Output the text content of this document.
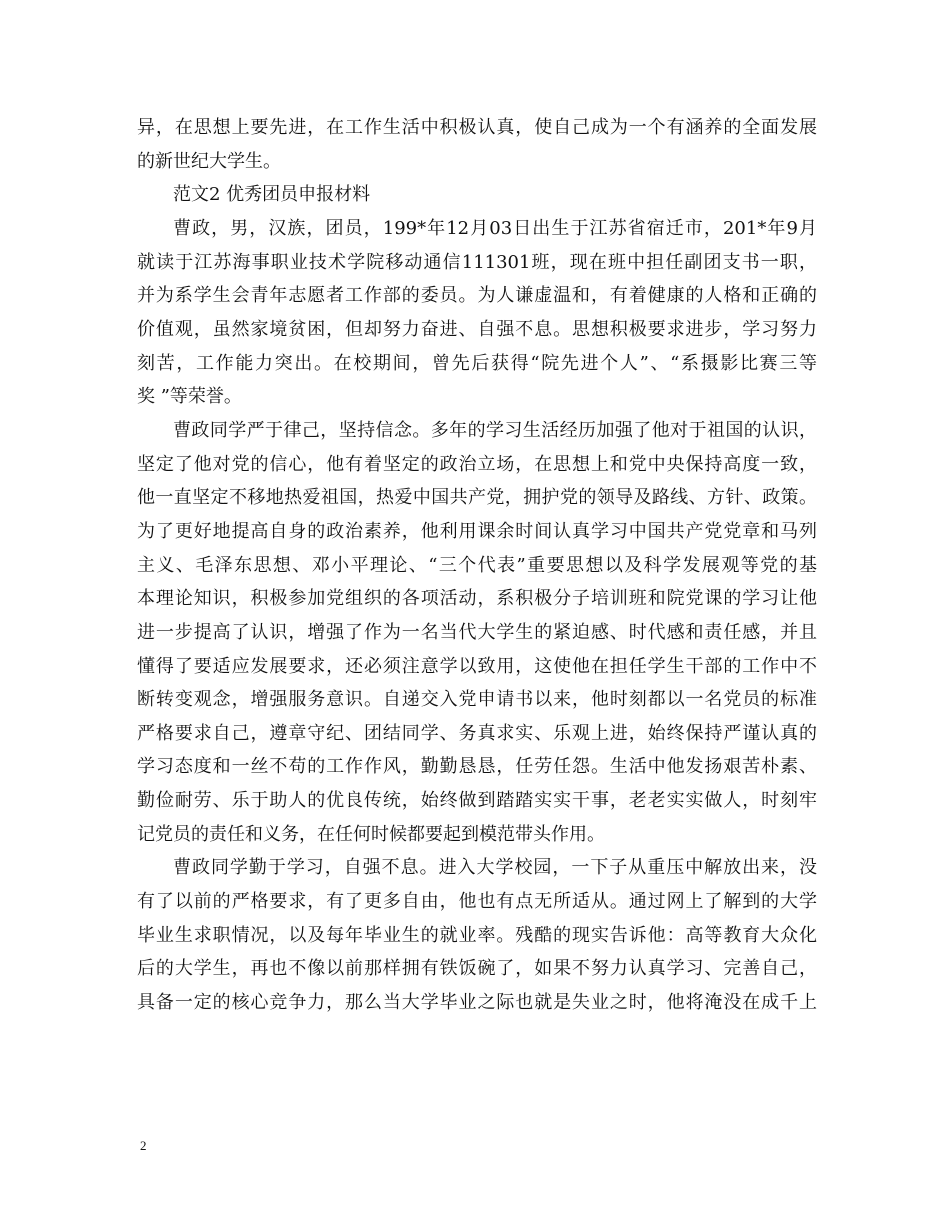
异，在思想上要先进，在工作生活中积极认真，使自己成为一个有涵养的全面发展
的新世纪大学生。
范文2 优秀团员申报材料
曹政，男，汉族，团员，199*年12月03日出生于江苏省宿迁市，201*年9月
就读于江苏海事职业技术学院移动通信111301班，现在班中担任副团支书一职，
并为系学生会青年志愿者工作部的委员。为人谦虚温和，有着健康的人格和正确的
价值观，虽然家境贫困，但却努力奋进、自强不息。思想积极要求进步，学习努力
刻苦，工作能力突出。在校期间，曾先后获得“院先进个人”、“系摄影比赛三等
奖 ”等荣誉。
曹政同学严于律己，坚持信念。多年的学习生活经历加强了他对于祖国的认识，
坚定了他对党的信心，他有着坚定的政治立场，在思想上和党中央保持高度一致，
他一直坚定不移地热爱祖国，热爱中国共产党，拥护党的领导及路线、方针、政策。
为了更好地提高自身的政治素养，他利用课余时间认真学习中国共产党党章和马列
主义、毛泽东思想、邓小平理论、“三个代表”重要思想以及科学发展观等党的基
本理论知识，积极参加党组织的各项活动，系积极分子培训班和院党课的学习让他
进一步提高了认识，增强了作为一名当代大学生的紧迫感、时代感和责任感，并且
懂得了要适应发展要求，还必须注意学以致用，这使他在担任学生干部的工作中不
断转变观念，增强服务意识。自递交入党申请书以来，他时刻都以一名党员的标准
严格要求自己，遵章守纪、团结同学、务真求实、乐观上进，始终保持严谨认真的
学习态度和一丝不苟的工作作风，勤勤恳恳，任劳任怨。生活中他发扬艰苦朴素、
勤俭耐劳、乐于助人的优良传统，始终做到踏踏实实干事，老老实实做人，时刻牢
记党员的责任和义务，在任何时候都要起到模范带头作用。
曹政同学勤于学习，自强不息。进入大学校园，一下子从重压中解放出来，没
有了以前的严格要求，有了更多自由，他也有点无所适从。通过网上了解到的大学
毕业生求职情况，以及每年毕业生的就业率。残酷的现实告诉他：高等教育大众化
后的大学生，再也不像以前那样拥有铁饭碗了，如果不努力认真学习、完善自己，
具备一定的核心竞争力，那么当大学毕业之际也就是失业之时，他将淹没在成千上
2
